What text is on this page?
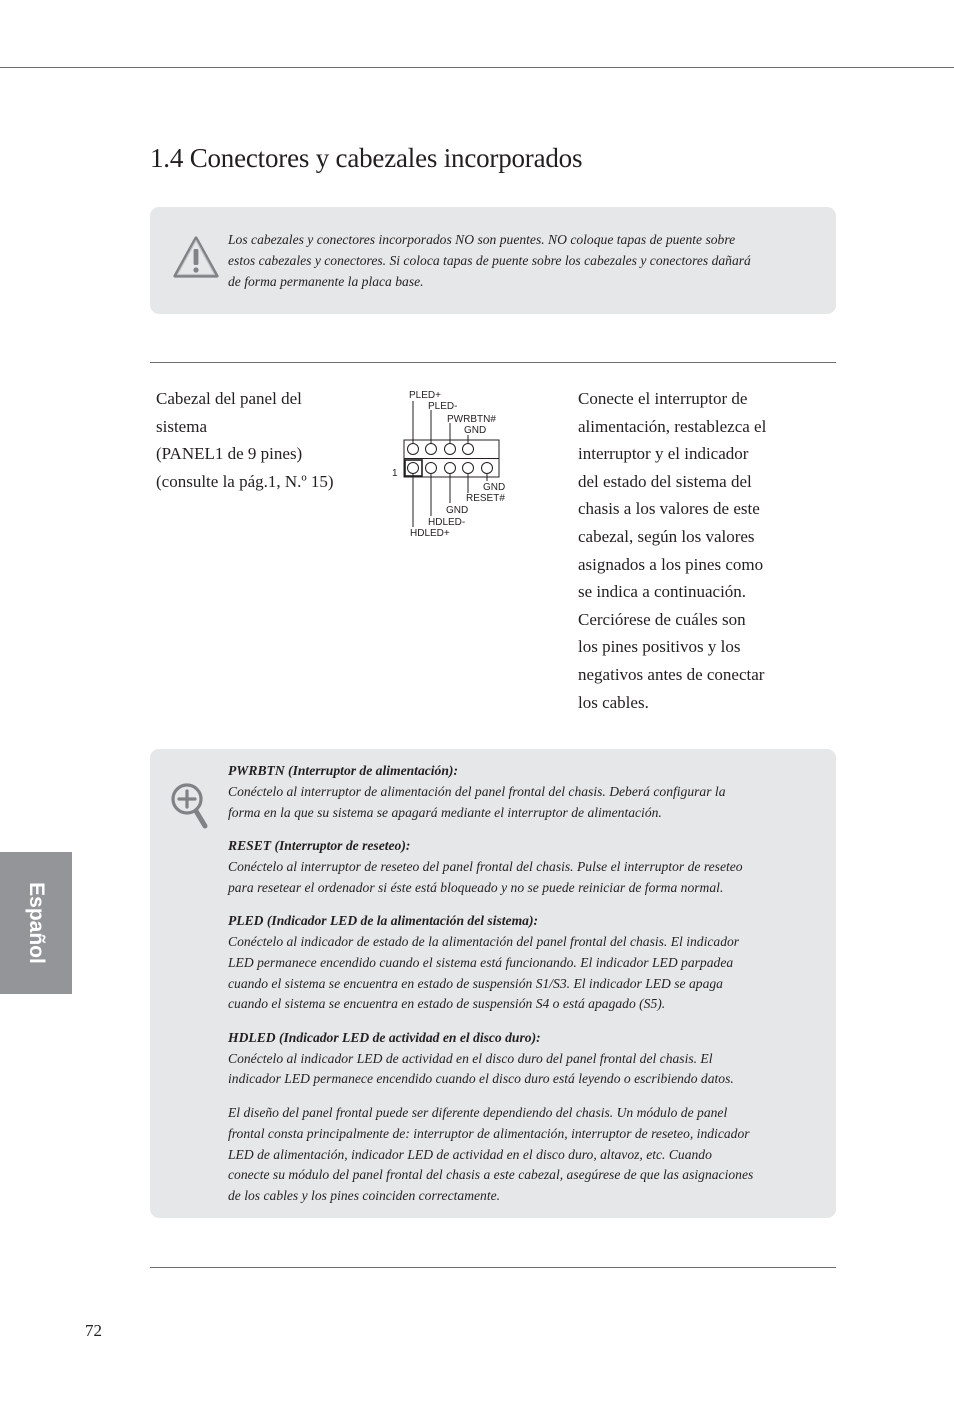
1.4 Conectores y cabezales incorporados
Los cabezales y conectores incorporados NO son puentes. NO coloque tapas de puente sobre
estos cabezales y conectores. Si coloca tapas de puente sobre los cabezales y conectores dañará
de forma permanente la placa base.
Cabezal del panel del
sistema
(PANEL1 de 9 pines)
(consulte la pág.1, N.º 15)
PLED+
PLED-
PWRBTN#
GND
1
GND
RESET#
GND
HDLED-
HDLED+
Conecte el interruptor de
alimentación, restablezca el
interruptor y el indicador
del estado del sistema del
chasis a los valores de este
cabezal, según los valores
asignados a los pines como
se indica a continuación.
Cerciórese de cuáles son
los pines positivos y los
negativos antes de conectar
los cables.
PWRBTN (Interruptor de alimentación):
Conéctelo al interruptor de alimentación del panel frontal del chasis. Deberá configurar la
forma en la que su sistema se apagará mediante el interruptor de alimentación.
RESET (Interruptor de reseteo):
Conéctelo al interruptor de reseteo del panel frontal del chasis. Pulse el interruptor de reseteo
para resetear el ordenador si éste está bloqueado y no se puede reiniciar de forma normal.
PLED (Indicador LED de la alimentación del sistema):
Conéctelo al indicador de estado de la alimentación del panel frontal del chasis. El indicador
LED permanece encendido cuando el sistema está funcionando. El indicador LED parpadea
cuando el sistema se encuentra en estado de suspensión S1/S3. El indicador LED se apaga
cuando el sistema se encuentra en estado de suspensión S4 o está apagado (S5).
HDLED (Indicador LED de actividad en el disco duro):
Conéctelo al indicador LED de actividad en el disco duro del panel frontal del chasis. El
indicador LED permanece encendido cuando el disco duro está leyendo o escribiendo datos.
El diseño del panel frontal puede ser diferente dependiendo del chasis. Un módulo de panel
frontal consta principalmente de: interruptor de alimentación, interruptor de reseteo, indicador
LED de alimentación, indicador LED de actividad en el disco duro, altavoz, etc. Cuando
conecte su módulo del panel frontal del chasis a este cabezal, asegúrese de que las asignaciones
de los cables y los pines coinciden correctamente.
Español
72
